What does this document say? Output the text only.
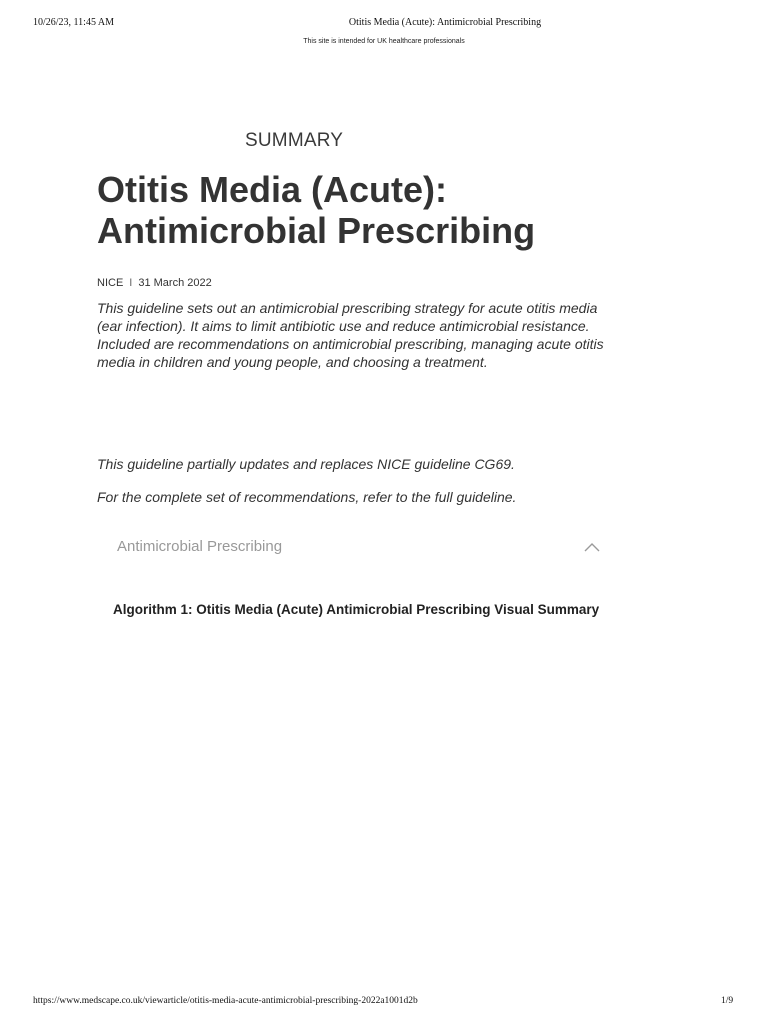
10/26/23, 11:45 AM	Otitis Media (Acute): Antimicrobial Prescribing
This site is intended for UK healthcare professionals
SUMMARY
Otitis Media (Acute): Antimicrobial Prescribing
NICE I 31 March 2022

This guideline sets out an antimicrobial prescribing strategy for acute otitis media (ear infection). It aims to limit antibiotic use and reduce antimicrobial resistance. Included are recommendations on antimicrobial prescribing, managing acute otitis media in children and young people, and choosing a treatment.

This guideline partially updates and replaces NICE guideline CG69.

For the complete set of recommendations, refer to the full guideline.

Antimicrobial Prescribing
Algorithm 1: Otitis Media (Acute) Antimicrobial Prescribing Visual Summary
https://www.medscape.co.uk/viewarticle/otitis-media-acute-antimicrobial-prescribing-2022a1001d2b	1/9
